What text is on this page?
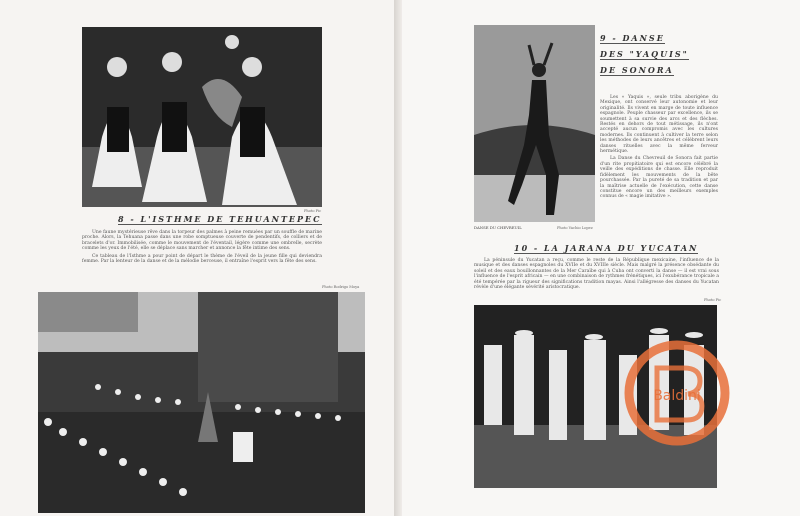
Photo Pic
8 - L'ISTHME DE TEHUANTEPEC

Une faune mystérieuse rêve dans la torpeur des palmes à peine remuées par un souffle de marine proche. Alors, la Tehuana passe dans une robe somptueuse couverte de pendentifs, de colliers et de bracelets d'or. Immobilisée, comme le mouvement de l'éventail, légère comme une ombrelle, secrète comme les yeux de l'été, elle se déplace sans marcher et annonce la fête intime des sens.

Ce tableau de l'Isthme a pour point de départ le thème de l'éveil de la jeune fille qui deviendra femme. Par la lenteur de la danse et de la mélodie berceuse, il entraîne l'esprit vers la fête des sens.

Photo Rodrigo Moya
DANSE DU CHEVREUIL	Photo Vachio Lopez
9 - DANSE
DES "YAQUIS"
DE SONORA

Les « Yaquis », seule tribu aborigène du Mexique, ont conservé leur autonomie et leur originalité. Ils vivent en marge de toute influence espagnole. Peuple chasseur par excellence, ils se soumettent à sa survie des arcs et des flèches. Restés en dehors de tout métissage, ils n'ont accepté aucun compromis avec les cultures modernes. Ils continuent à cultiver la terre selon les méthodes de leurs ancêtres et célèbrent leurs danses rituelles avec la même ferveur hermétique.

La Danse du Chevreuil de Sonora fait partie d'un rite propitiatoire qui est encore célébré la veille des expéditions de chasse. Elle reproduit fidèlement les mouvements de la bête pourchassée. Par la pureté de sa tradition et par la maîtrise actuelle de l'exécution, cette danse constitue encore un des meilleurs exemples connus de « magie imitative ».

10 - LA JARANA DU YUCATAN

La péninsule du Yucatan a reçu, comme le reste de la République mexicaine, l'influence de la musique et des danses espagnoles du XVIIe et du XVIIIe siècle. Mais malgré la présence obsédante du soleil et des eaux bouillonnantes de la Mer Caraïbe qui à Cuba ont converti la danse — il est vrai sous l'influence de l'esprit africain — en une combinaison de rythmes frénétiques, ici l'exubérance tropicale a été tempérée par la rigueur des significations tradition mayas. Ainsi l'allégresse des danses du Yucatan révèle d'une élégante sévérité aristocratique.

Photo Pic
Baldini
